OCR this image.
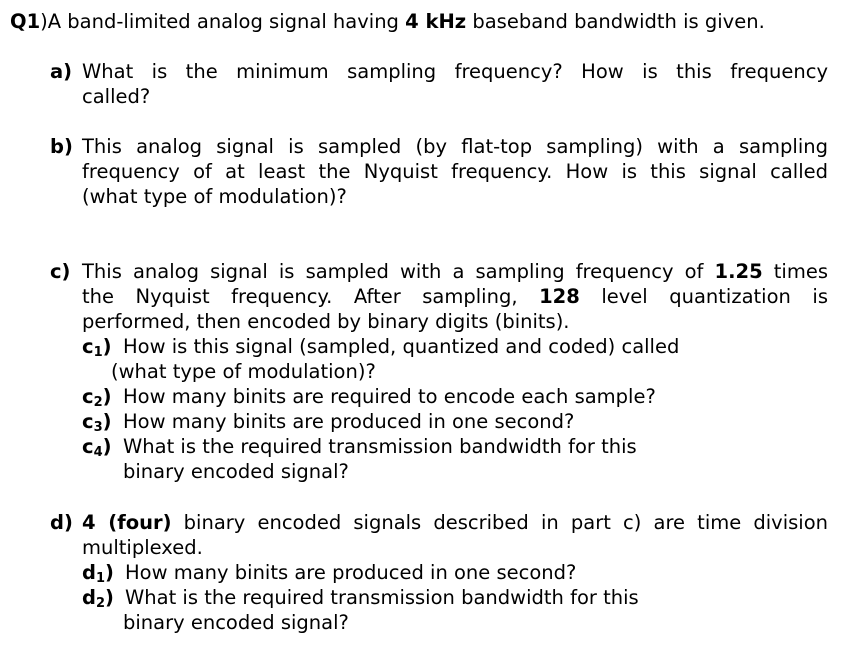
Q1)A band-limited analog signal having 4 kHz baseband bandwidth is given.
a) What is the minimum sampling frequency? How is this frequency
called?
b) This analog signal is sampled (by flat-top sampling) with a sampling
frequency of at least the Nyquist frequency. How is this signal called
(what type of modulation)?
c) This analog signal is sampled with a sampling frequency of 1.25 times
the Nyquist frequency. After sampling, 128 level quantization is
performed, then encoded by binary digits (binits).
$c_1$) How is this signal (sampled, quantized and coded) called
(what type of modulation)?
$c_2$) How many binits are required to encode each sample?
$c_3$) How many binits are produced in one second?
$c_4$) What is the required transmission bandwidth for this
binary encoded signal?
d) 4 (four) binary encoded signals described in part c) are time division
multiplexed.
$d_1$) How many binits are produced in one second?
$d_2$) What is the required transmission bandwidth for this
binary encoded signal?
